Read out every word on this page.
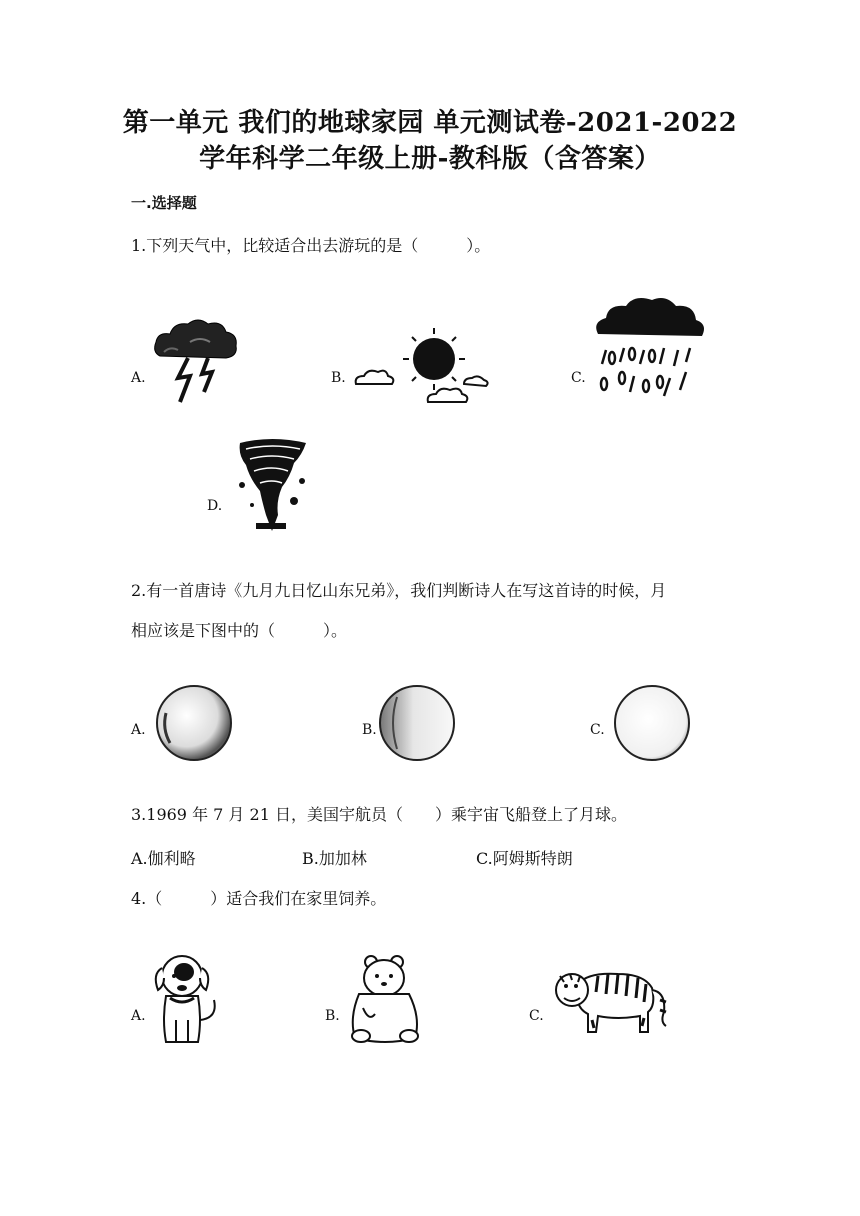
第一单元 我们的地球家园 单元测试卷-2021-2022
学年科学二年级上册-教科版（含答案）
一.选择题
1.下列天气中，比较适合出去游玩的是（　　　）。
A.	B.	C.
D.
2.有一首唐诗《九月九日忆山东兄弟》，我们判断诗人在写这首诗的时候，月
相应该是下图中的（　　　）。
A.	B.	C.
3.1969 年 7 月 21 日，美国宇航员（　　）乘宇宙飞船登上了月球。
A.伽利略	B.加加林	C.阿姆斯特朗
4.（　　　）适合我们在家里饲养。
A.	B.	C.
